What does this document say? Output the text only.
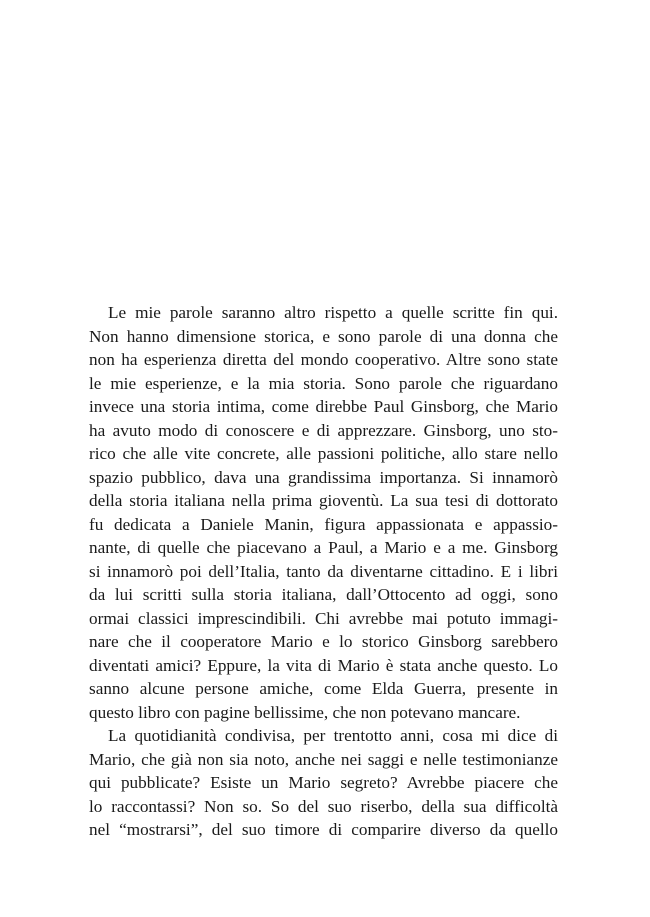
Le mie parole saranno altro rispetto a quelle scritte fin qui.
Non hanno dimensione storica, e sono parole di una donna che
non ha esperienza diretta del mondo cooperativo. Altre sono state
le mie esperienze, e la mia storia. Sono parole che riguardano
invece una storia intima, come direbbe Paul Ginsborg, che Mario
ha avuto modo di conoscere e di apprezzare. Ginsborg, uno sto-
rico che alle vite concrete, alle passioni politiche, allo stare nello
spazio pubblico, dava una grandissima importanza. Si innamorò
della storia italiana nella prima gioventù. La sua tesi di dottorato
fu dedicata a Daniele Manin, figura appassionata e appassio-
nante, di quelle che piacevano a Paul, a Mario e a me. Ginsborg
si innamorò poi dell’Italia, tanto da diventarne cittadino. E i libri
da lui scritti sulla storia italiana, dall’Ottocento ad oggi, sono
ormai classici imprescindibili. Chi avrebbe mai potuto immagi-
nare che il cooperatore Mario e lo storico Ginsborg sarebbero
diventati amici? Eppure, la vita di Mario è stata anche questo. Lo
sanno alcune persone amiche, come Elda Guerra, presente in
questo libro con pagine bellissime, che non potevano mancare.
La quotidianità condivisa, per trentotto anni, cosa mi dice di
Mario, che già non sia noto, anche nei saggi e nelle testimonianze
qui pubblicate? Esiste un Mario segreto? Avrebbe piacere che
lo raccontassi? Non so. So del suo riserbo, della sua difficoltà
nel “mostrarsi”, del suo timore di comparire diverso da quello
